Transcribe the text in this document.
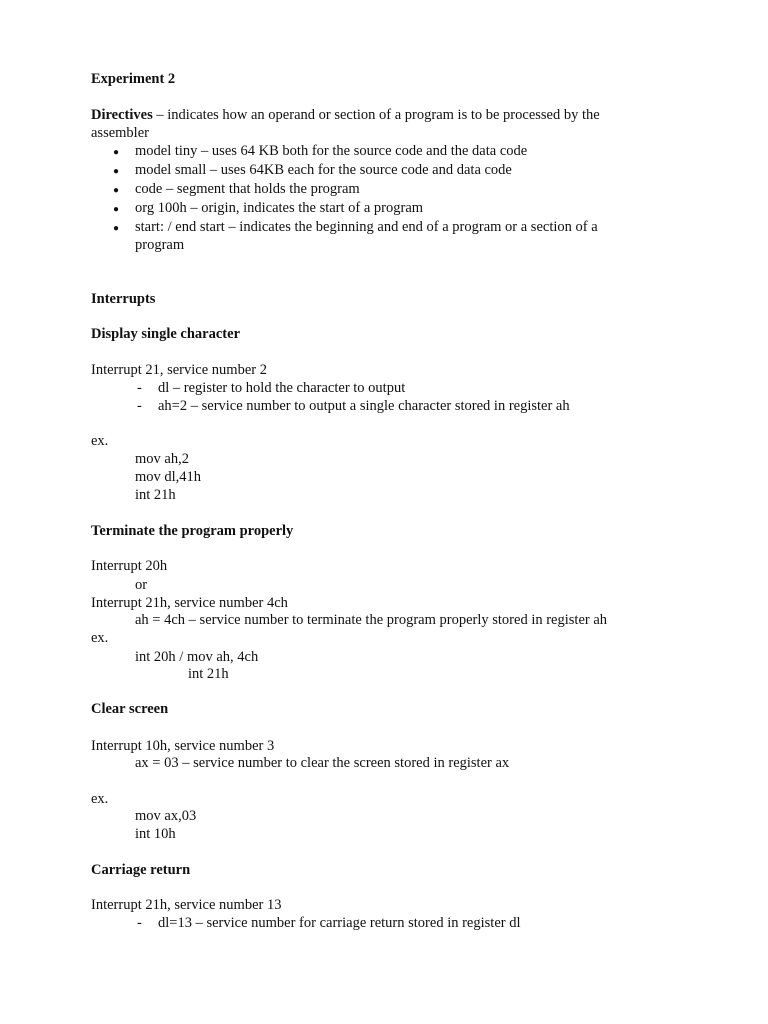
Experiment 2
Directives – indicates how an operand or section of a program is to be processed by the
assembler
● model tiny – uses 64 KB both for the source code and the data code
● model small – uses 64KB each for the source code and data code
● code – segment that holds the program
● org 100h – origin, indicates the start of a program
● start: / end start – indicates the beginning and end of a program or a section of a
program
Interrupts
Display single character
Interrupt 21, service number 2
- dl – register to hold the character to output
- ah=2 – service number to output a single character stored in register ah
ex.
mov ah,2
mov dl,41h
int 21h
Terminate the program properly
Interrupt 20h
or
Interrupt 21h, service number 4ch
ah = 4ch – service number to terminate the program properly stored in register ah
ex.
int 20h / mov ah, 4ch
int 21h
Clear screen
Interrupt 10h, service number 3
ax = 03 – service number to clear the screen stored in register ax
ex.
mov ax,03
int 10h
Carriage return
Interrupt 21h, service number 13
- dl=13 – service number for carriage return stored in register dl
